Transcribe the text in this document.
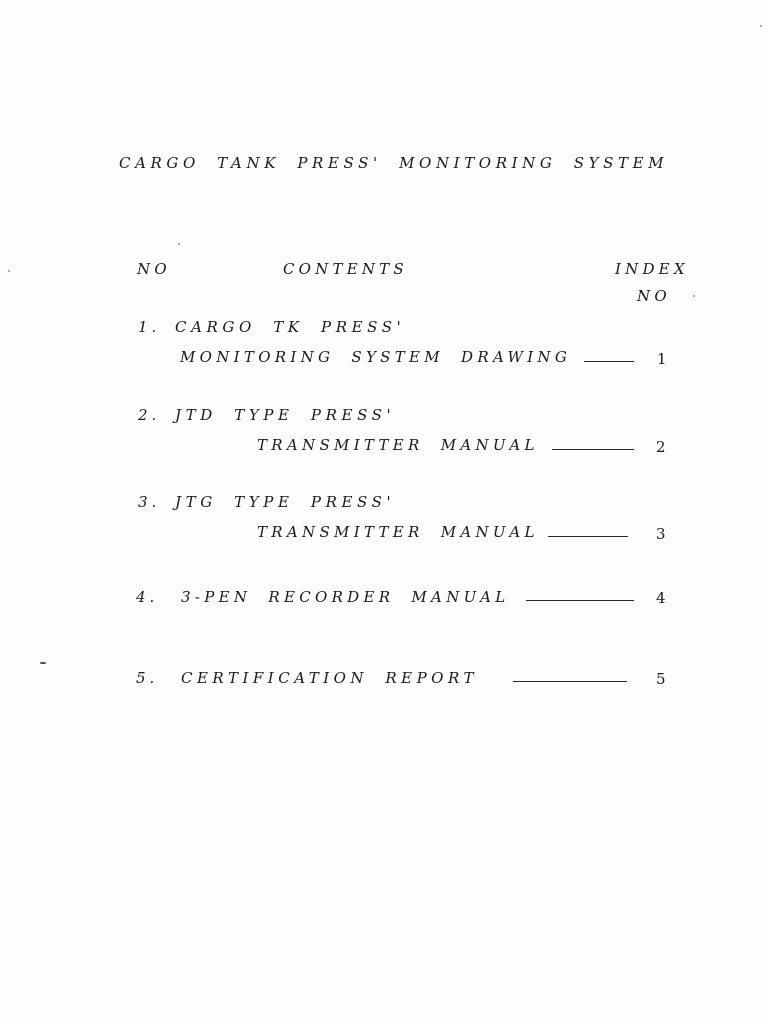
CARGO TANK PRESS' MONITORING SYSTEM
NO	CONTENTS	INDEX
NO
1. CARGO TK PRESS'
MONITORING SYSTEM DRAWING	1
2. JTD TYPE PRESS'
TRANSMITTER MANUAL	2
3. JTG TYPE PRESS'
TRANSMITTER MANUAL	3
4. 3-PEN RECORDER MANUAL	4
5. CERTIFICATION REPORT	5
